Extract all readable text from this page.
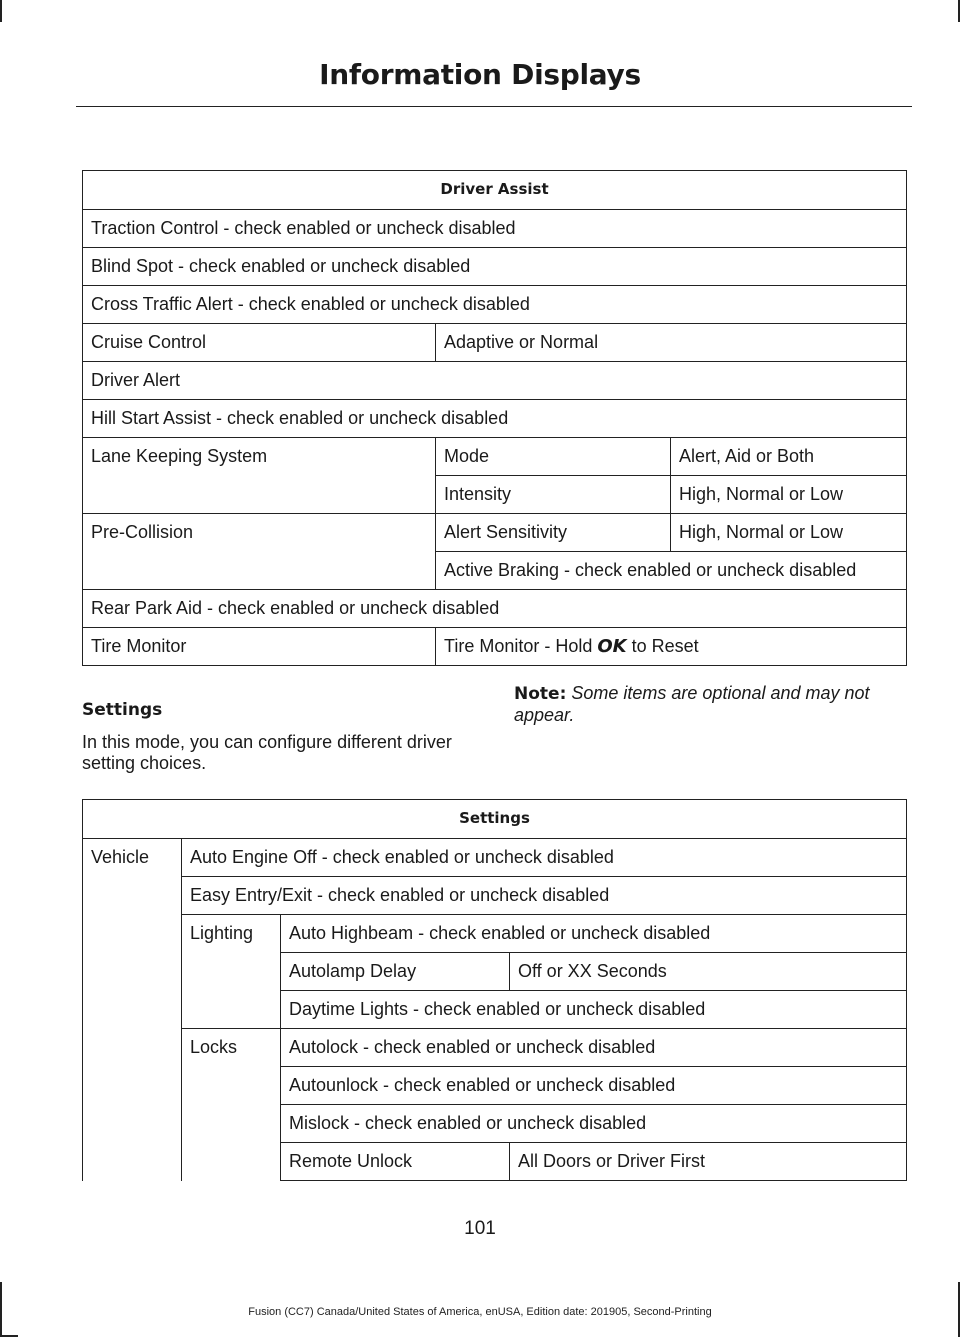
Information Displays
Driver Assist		
Traction Control - check enabled or uncheck disabled		
Blind Spot - check enabled or uncheck disabled		
Cross Traffic Alert - check enabled or uncheck disabled		
Cruise Control	Adaptive or Normal	
Driver Alert		
Hill Start Assist - check enabled or uncheck disabled		
Lane Keeping System	Mode	Alert, Aid or Both
	Intensity	High, Normal or Low
Pre-Collision	Alert Sensitivity	High, Normal or Low
	Active Braking - check enabled or uncheck disabled	
Rear Park Aid - check enabled or uncheck disabled		
Tire Monitor	Tire Monitor - Hold OK to Reset	

Settings

In this mode, you can configure different driver setting choices.

Note: Some items are optional and may not appear.
Settings			
Vehicle	Auto Engine Off - check enabled or uncheck disabled		
	Easy Entry/Exit - check enabled or uncheck disabled		
	Lighting	Auto Highbeam - check enabled or uncheck disabled	
		Autolamp Delay	Off or XX Seconds
		Daytime Lights - check enabled or uncheck disabled	
	Locks	Autolock - check enabled or uncheck disabled	
		Autounlock - check enabled or uncheck disabled	
		Mislock - check enabled or uncheck disabled	
		Remote Unlock	All Doors or Driver First
101
Fusion (CC7) Canada/United States of America, enUSA, Edition date: 201905, Second-Printing
